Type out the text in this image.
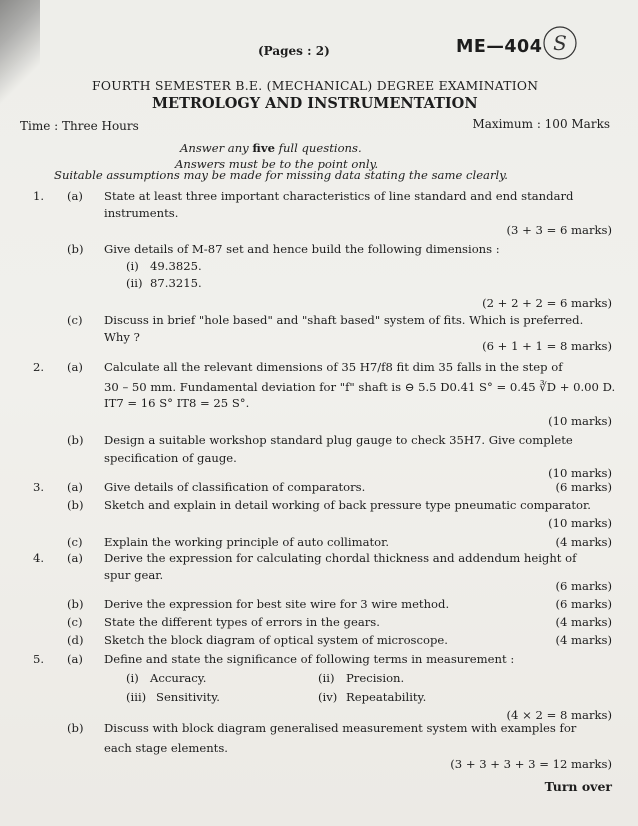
(Pages : 2)	ME—404 S
FOURTH SEMESTER B.E. (MECHANICAL) DEGREE EXAMINATION
METROLOGY AND INSTRUMENTATION
Time : Three Hours	Maximum : 100 Marks
Answer any five full questions.
Answers must be to the point only.
Suitable assumptions may be made for missing data stating the same clearly.
1. (a) State at least three important characteristics of line standard and end standard
instruments.
(3 + 3 = 6 marks)
(b) Give details of M-87 set and hence build the following dimensions :
(i) 49.3825.
(ii) 87.3215.
(2 + 2 + 2 = 6 marks)
(c) Discuss in brief "hole based" and "shaft based" system of fits. Which is preferred.
Why ?
(6 + 1 + 1 = 8 marks)
2. (a) Calculate all the relevant dimensions of 35 H7/f8 fit dim 35 falls in the step of
30 – 50 mm. Fundamental deviation for "f" shaft is ⊖ 5.5 D0.41 S° = 0.45 ∛D + 0.00 D.
IT7 = 16 S° IT8 = 25 S°.
(10 marks)
(b) Design a suitable workshop standard plug gauge to check 35H7. Give complete
specification of gauge.
(10 marks)
3. (a) Give details of classification of comparators.	(6 marks)
(b) Sketch and explain in detail working of back pressure type pneumatic comparator.
(10 marks)
(c) Explain the working principle of auto collimator.	(4 marks)
4. (a) Derive the expression for calculating chordal thickness and addendum height of
spur gear.
(6 marks)
(b) Derive the expression for best site wire for 3 wire method.	(6 marks)
(c) State the different types of errors in the gears.	(4 marks)
(d) Sketch the block diagram of optical system of microscope.	(4 marks)
5. (a) Define and state the significance of following terms in measurement :
(i) Accuracy.	(ii) Precision.
(iii) Sensitivity.	(iv) Repeatability.
(4 × 2 = 8 marks)
(b) Discuss with block diagram generalised measurement system with examples for
each stage elements.
(3 + 3 + 3 + 3 = 12 marks)
Turn over
